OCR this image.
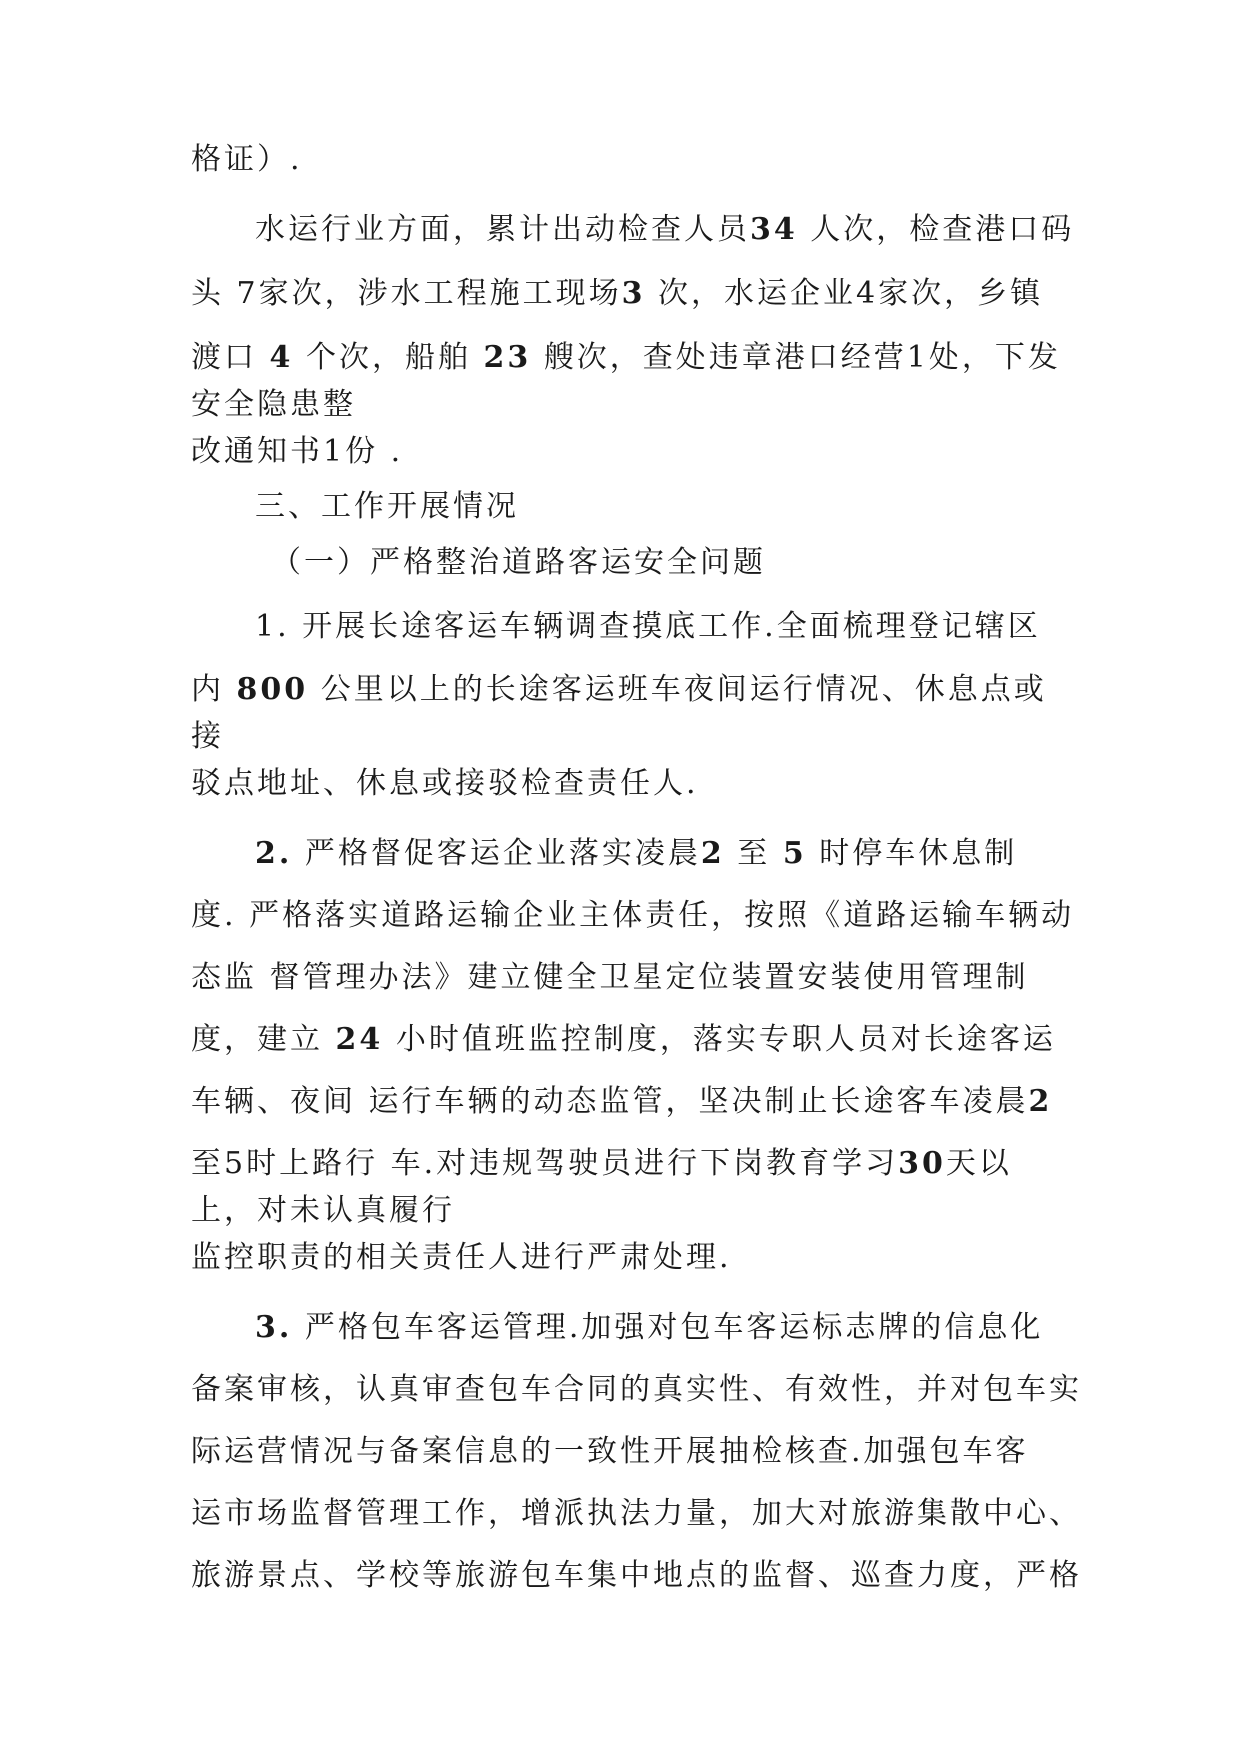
格证）.
水运行业方面，累计出动检查人员34 人次，检查港口码
头 7家次，涉水工程施工现场3 次，水运企业4家次，乡镇
渡口 4 个次，船舶 23 艘次，查处违章港口经营1处，下发
安全隐患整
改通知书1份 .
三、工作开展情况
（一）严格整治道路客运安全问题
1. 开展长途客运车辆调查摸底工作.全面梳理登记辖区
内 800 公里以上的长途客运班车夜间运行情况、休息点或
接
驳点地址、休息或接驳检查责任人.
2. 严格督促客运企业落实凌晨2 至 5 时停车休息制
度. 严格落实道路运输企业主体责任，按照《道路运输车辆动
态监 督管理办法》建立健全卫星定位装置安装使用管理制
度，建立 24 小时值班监控制度，落实专职人员对长途客运
车辆、夜间 运行车辆的动态监管，坚决制止长途客车凌晨2
至5时上路行 车.对违规驾驶员进行下岗教育学习30天以
上，对未认真履行
监控职责的相关责任人进行严肃处理.
3. 严格包车客运管理.加强对包车客运标志牌的信息化
备案审核，认真审查包车合同的真实性、有效性，并对包车实
际运营情况与备案信息的一致性开展抽检核查.加强包车客
运市场监督管理工作，增派执法力量，加大对旅游集散中心、
旅游景点、学校等旅游包车集中地点的监督、巡查力度，严格
